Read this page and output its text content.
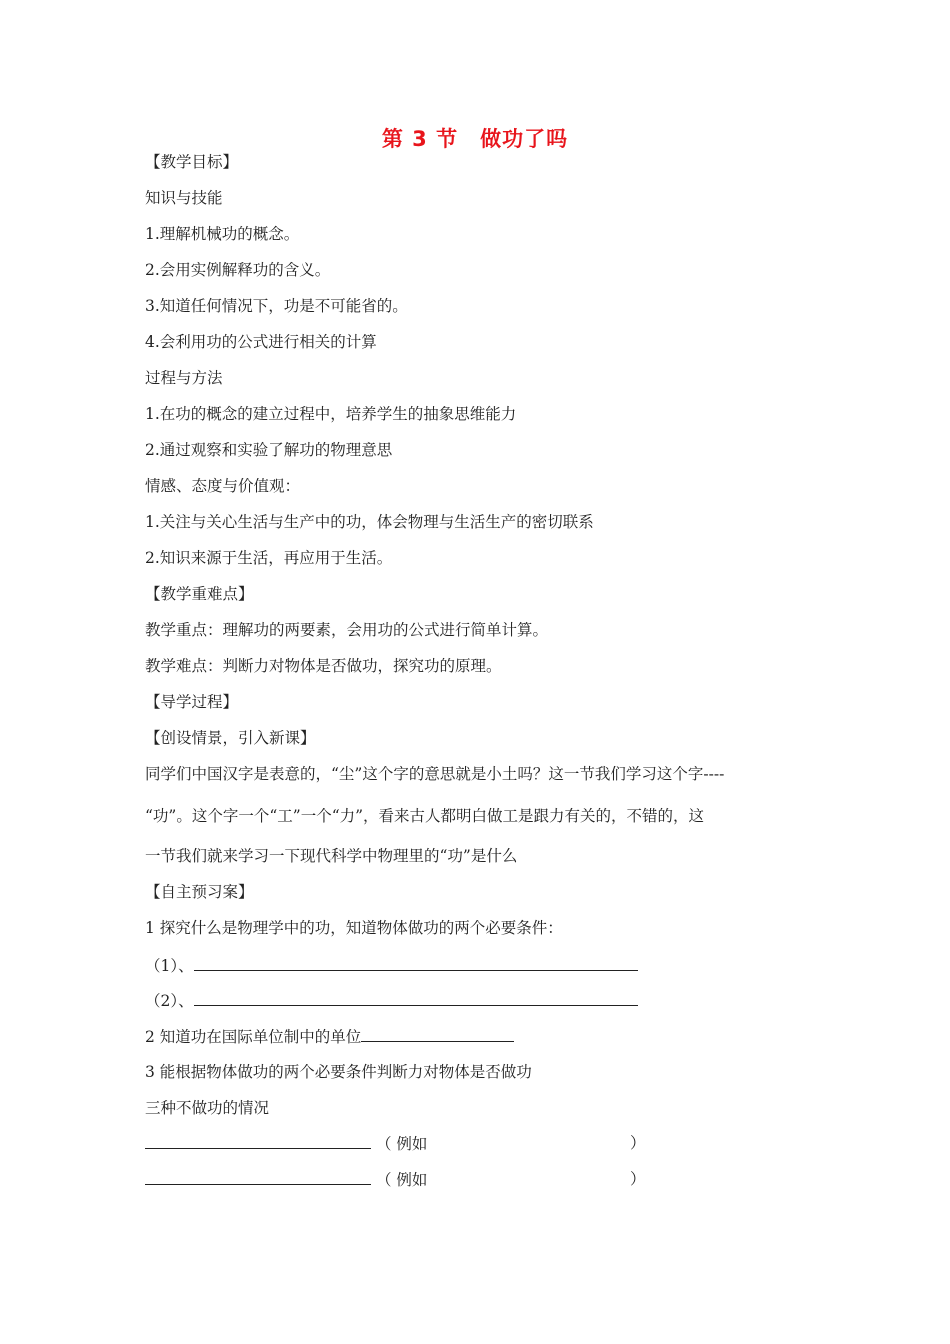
第 3 节　做功了吗
【教学目标】
知识与技能
1.理解机械功的概念。
2.会用实例解释功的含义。
3.知道任何情况下，功是不可能省的。
4.会利用功的公式进行相关的计算
过程与方法
1.在功的概念的建立过程中，培养学生的抽象思维能力
2.通过观察和实验了解功的物理意思
情感、态度与价值观：
1.关注与关心生活与生产中的功，体会物理与生活生产的密切联系
2.知识来源于生活，再应用于生活。
【教学重难点】
教学重点：理解功的两要素，会用功的公式进行简单计算。
教学难点：判断力对物体是否做功，探究功的原理。
【导学过程】
【创设情景，引入新课】
同学们中国汉字是表意的，“尘”这个字的意思就是小土吗？这一节我们学习这个字----
“功”。这个字一个“工”一个“力”，看来古人都明白做工是跟力有关的，不错的，这
一节我们就来学习一下现代科学中物理里的“功”是什么
【自主预习案】
1 探究什么是物理学中的功，知道物体做功的两个必要条件：
（1）、
（2）、
2 知道功在国际单位制中的单位
3 能根据物体做功的两个必要条件判断力对物体是否做功
三种不做功的情况
（ 例如	）
（ 例如	）
